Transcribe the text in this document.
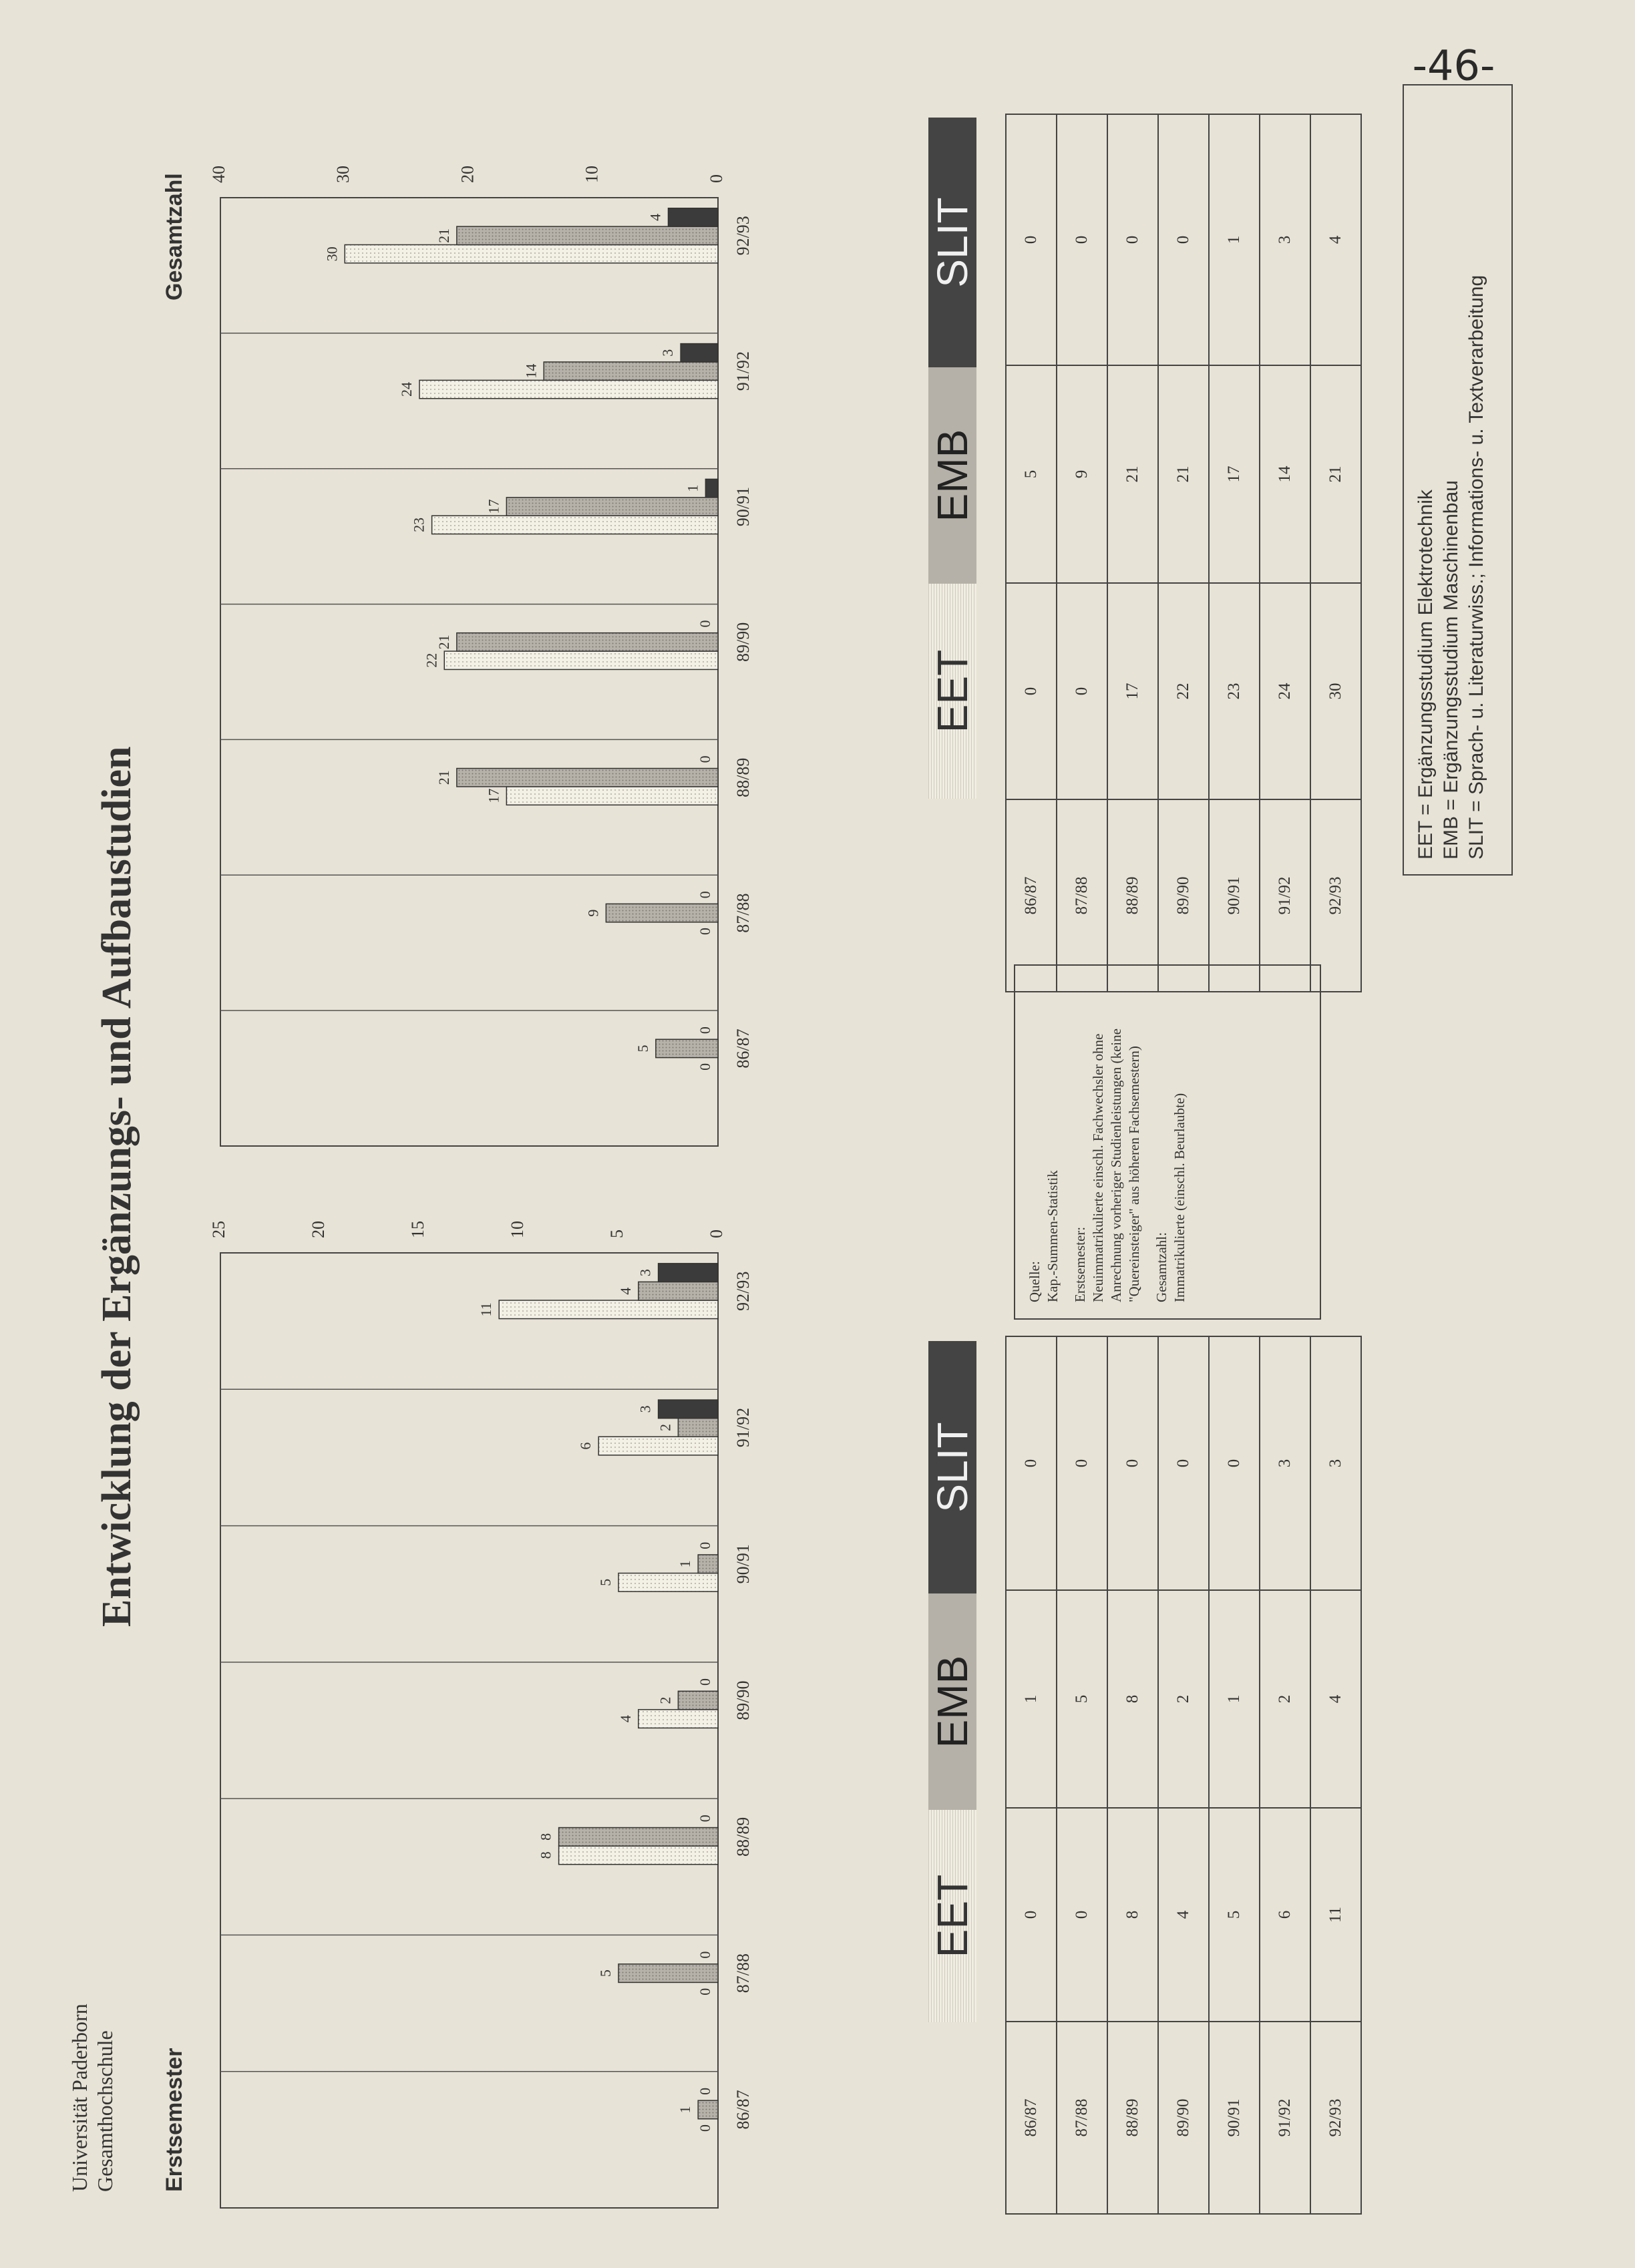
-46-
Universität Paderborn Gesamthochschule
Entwicklung der Ergänzungs- und Aufbaustudien
Erstsemester
Gesamtzahl
0
5
10
15
20
25
0
1
0 86/87
0
5
0 87/88
8
8
0 88/89
4
2
0 89/90
5
1
0 90/91
6
2
3	91/92
11
4
3	92/93
0
10
20
30
40
0
5
0 86/87
0
9
0 87/88
17
21
0 88/89
22
21
0 89/90
23
17
1 90/91
24
14
3	91/92
30
21
4	92/93
EET
EMB
SLIT
86/87	0	1	0
87/88	0	5	0
88/89	8	8	0
89/90	4	2	0
90/91	5	1	0
91/92	6	2	3
92/93	11	4	3
EET
EMB
SLIT
86/87	0	5	0
87/88	0	9	0
88/89	17	21	0
89/90	22	21	0
90/91	23	17	1
91/92	24	14	3
92/93	30	21	4

Quelle: Kap.-Summen-Statistik Erstsemester: Neuimmatrikulierte einschl. Fachwechsler ohne Anrechnung vorheriger Studienleistungen (keine "Quereinsteiger" aus höheren Fachsemestern) Gesamtzahl: Immatrikulierte (einschl. Beurlaubte)

EET = Ergänzungsstudium Elektrotechnik EMB = Ergänzungsstudium Maschinenbau SLIT = Sprach- u. Literaturwiss.; Informations- u. Textverarbeitung
